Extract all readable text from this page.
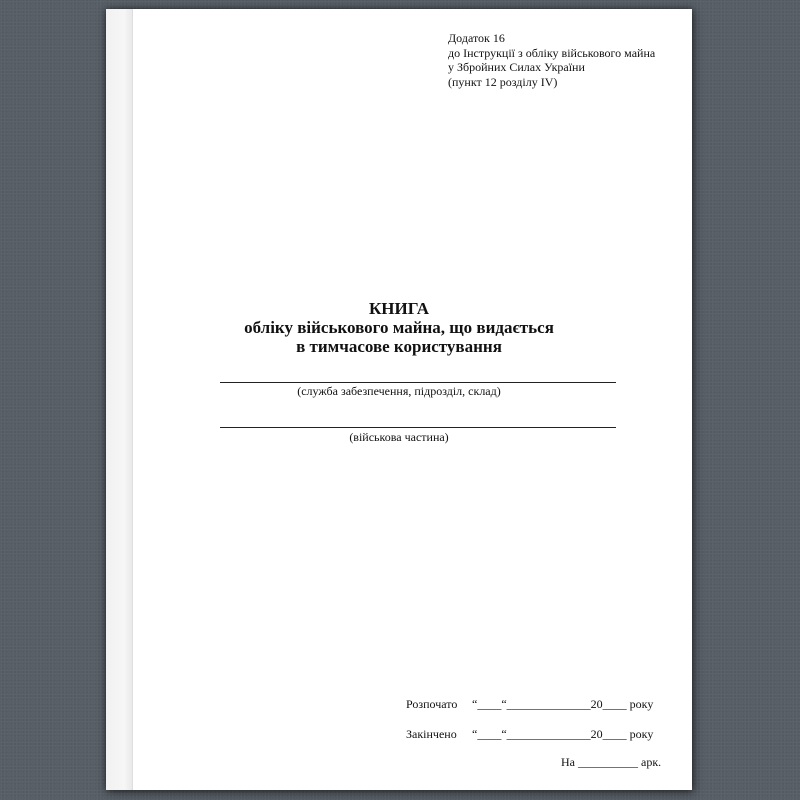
Додаток 16
до Інструкції з обліку військового майна
у Збройних Силах України
(пункт 12 розділу IV)
КНИГА
обліку військового майна, що видається
в тимчасове користування
(служба забезпечення, підрозділ, склад)
(військова частина)
Розпочато “____“______________20____ року
Закінчено “____“______________20____ року
На __________ арк.
